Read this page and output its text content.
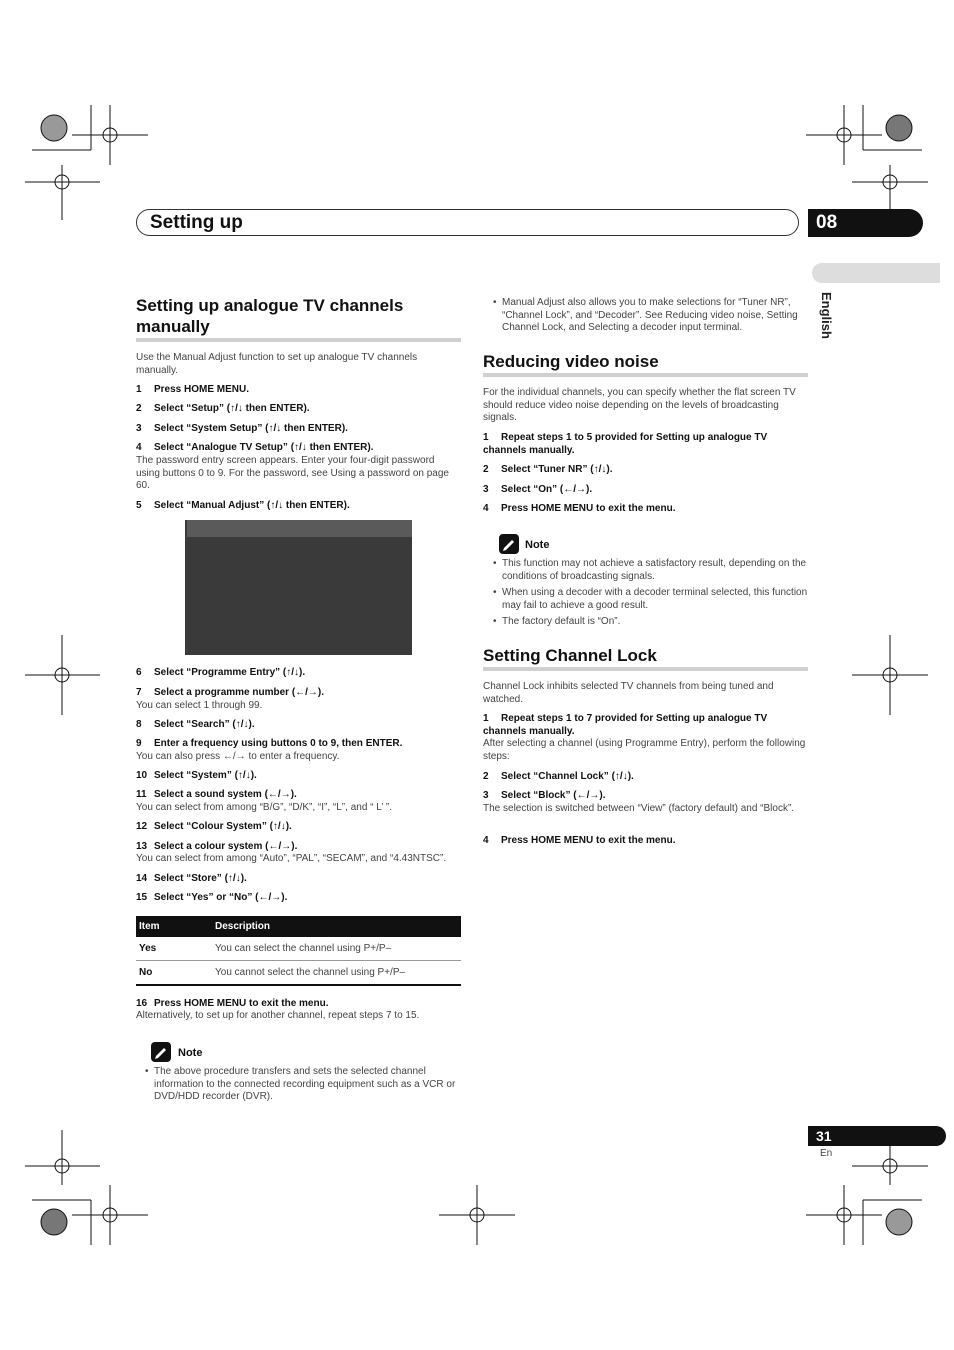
Setting up	08
English
Setting up analogue TV channels manually
Use the Manual Adjust function to set up analogue TV channels manually.
1 Press HOME MENU.
2 Select “Setup” (↑/↓ then ENTER).
3 Select “System Setup” (↑/↓ then ENTER).
4 Select “Analogue TV Setup” (↑/↓ then ENTER).
The password entry screen appears. Enter your four-digit password using buttons 0 to 9. For the password, see Using a password on page 60.
5 Select “Manual Adjust” (↑/↓ then ENTER).
6 Select “Programme Entry” (↑/↓).
7 Select a programme number (←/→).
You can select 1 through 99.
8 Select “Search” (↑/↓).
9 Enter a frequency using buttons 0 to 9, then ENTER.
You can also press ←/→ to enter a frequency.
10 Select “System” (↑/↓).
11 Select a sound system (←/→).
You can select from among “B/G”, “D/K”, “I”, “L”, and “ L’ ”.
12 Select “Colour System” (↑/↓).
13 Select a colour system (←/→).
You can select from among “Auto”, “PAL”, “SECAM”, and “4.43NTSC”.
14 Select “Store” (↑/↓).
15 Select “Yes” or “No” (←/→).
Item	Description
Yes	You can select the channel using P+/P–
No	You cannot select the channel using P+/P–
16 Press HOME MENU to exit the menu.
Alternatively, to set up for another channel, repeat steps 7 to 15.
Note
• The above procedure transfers and sets the selected channel information to the connected recording equipment such as a VCR or DVD/HDD recorder (DVR).
• Manual Adjust also allows you to make selections for “Tuner NR”, “Channel Lock”, and “Decoder”. See Reducing video noise, Setting Channel Lock, and Selecting a decoder input terminal.
Reducing video noise
For the individual channels, you can specify whether the flat screen TV should reduce video noise depending on the levels of broadcasting signals.
1 Repeat steps 1 to 5 provided for Setting up analogue TV channels manually.
2 Select “Tuner NR” (↑/↓).
3 Select “On” (←/→).
4 Press HOME MENU to exit the menu.
Note
• This function may not achieve a satisfactory result, depending on the conditions of broadcasting signals.
• When using a decoder with a decoder terminal selected, this function may fail to achieve a good result.
• The factory default is “On”.
Setting Channel Lock
Channel Lock inhibits selected TV channels from being tuned and watched.
1 Repeat steps 1 to 7 provided for Setting up analogue TV channels manually.
After selecting a channel (using Programme Entry), perform the following steps:
2 Select “Channel Lock” (↑/↓).
3 Select “Block” (←/→).
The selection is switched between “View” (factory default) and “Block”.
4 Press HOME MENU to exit the menu.
31
En
